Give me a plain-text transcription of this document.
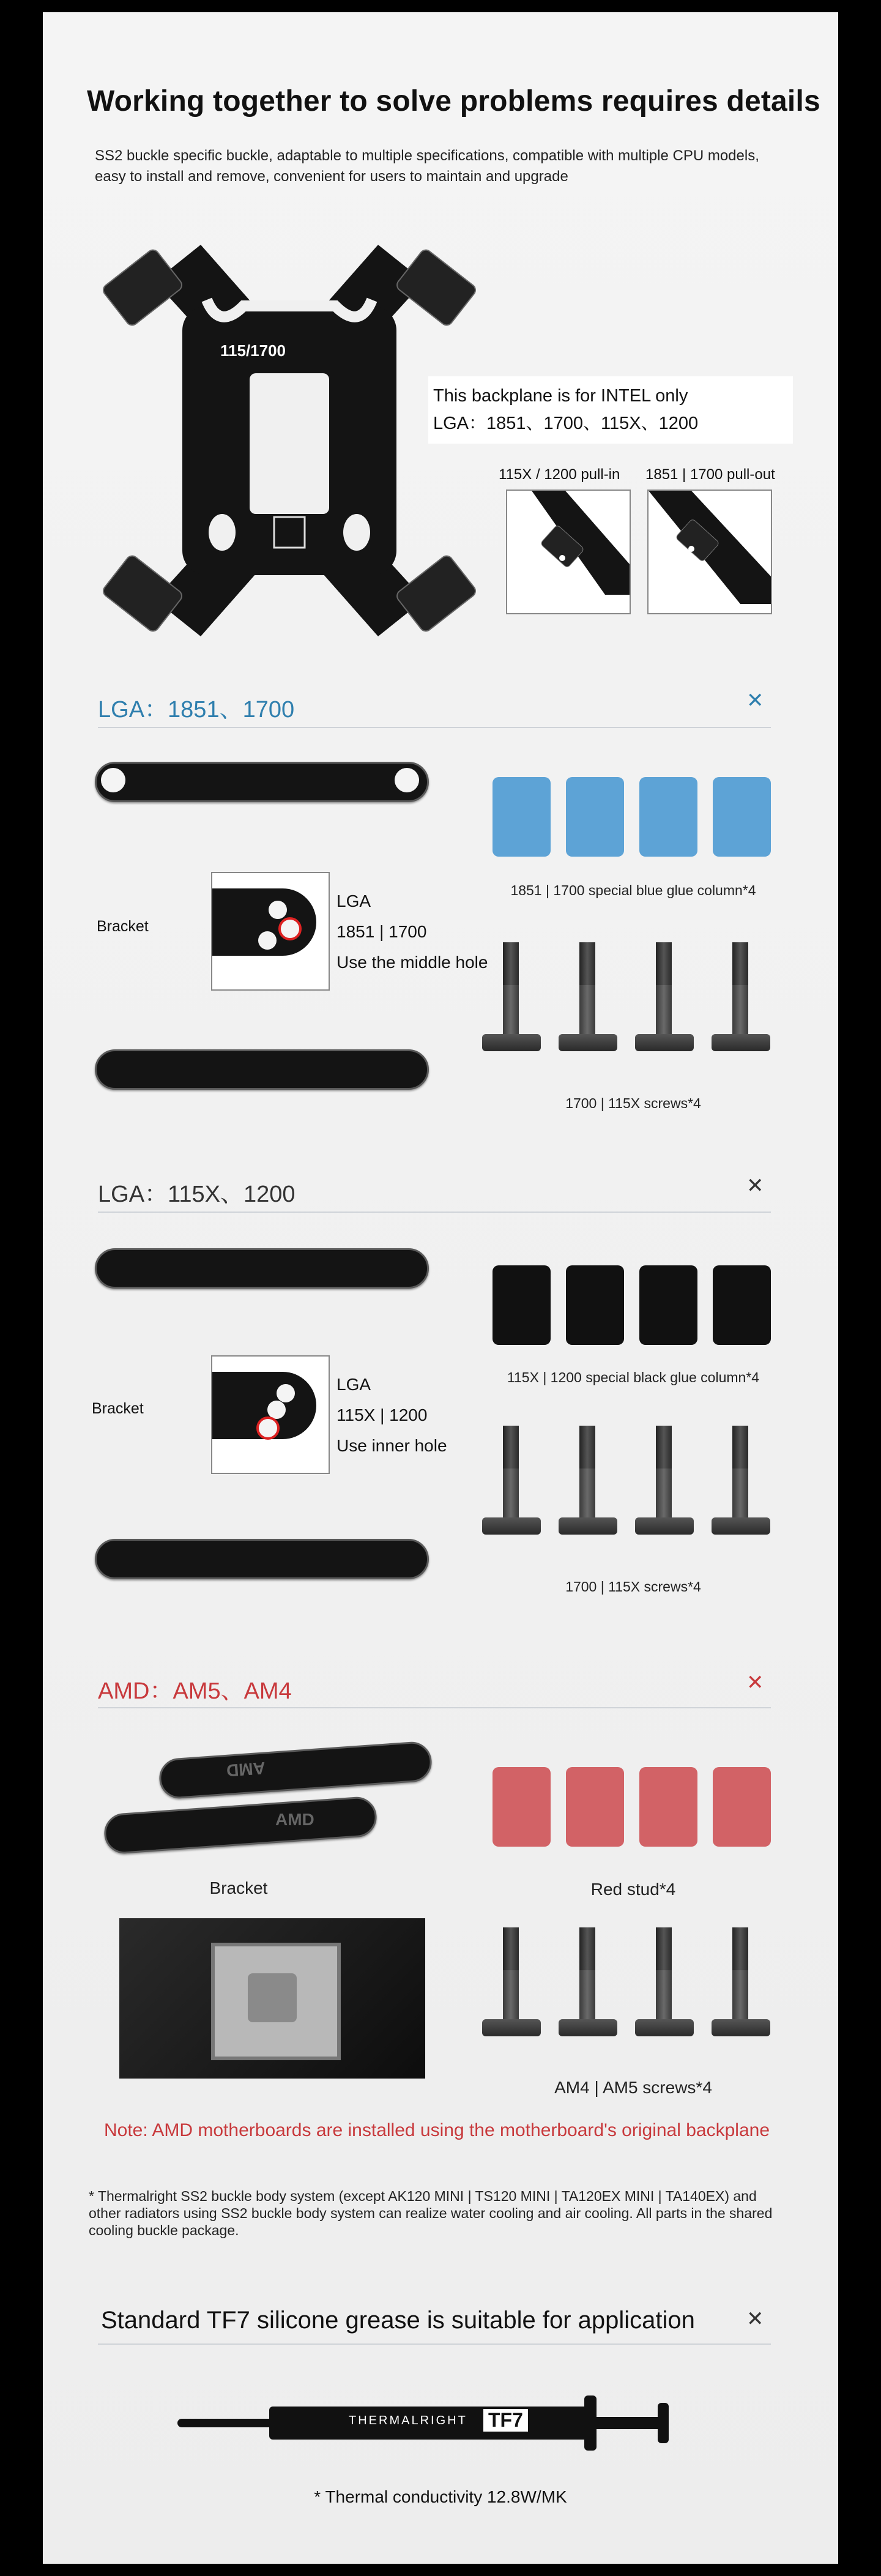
Working together to solve problems requires details
SS2 buckle specific buckle, adaptable to multiple specifications, compatible with multiple CPU models, easy to install and remove, convenient for users to maintain and upgrade
115/1700
This backplane is for INTEL only
LGA：1851、1700、115X、1200
115X / 1200 pull-in 1851 | 1700 pull-out
LGA：1851、1700	✕
Bracket
LGA
1851 | 1700
Use the middle hole
1851 | 1700 special blue glue column*4
1700 | 115X screws*4
LGA：115X、1200	✕
Bracket
LGA
115X | 1200
Use inner hole
115X | 1200 special black glue column*4
1700 | 115X screws*4
AMD：AM5、AM4	✕
AMD
AMD
Bracket	Red stud*4
AM4 | AM5 screws*4
Note: AMD motherboards are installed using the motherboard's original backplane
* Thermalright SS2 buckle body system (except AK120 MINI | TS120 MINI | TA120EX MINI | TA140EX) and other radiators using SS2 buckle body system can realize water cooling and air cooling. All parts in the shared cooling buckle package.
Standard TF7 silicone grease is suitable for application ✕
THERMALRIGHT TF7
* Thermal conductivity 12.8W/MK
